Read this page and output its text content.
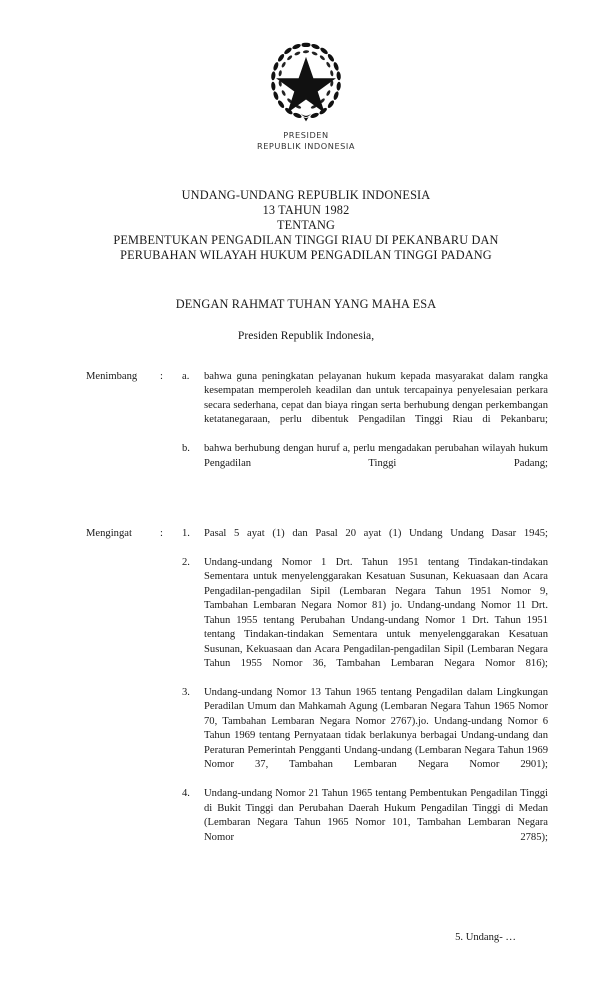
PRESIDEN
REPUBLIK INDONESIA
UNDANG-UNDANG REPUBLIK INDONESIA
13 TAHUN 1982
TENTANG
PEMBENTUKAN PENGADILAN TINGGI RIAU DI PEKANBARU DAN
PERUBAHAN WILAYAH HUKUM PENGADILAN TINGGI PADANG
DENGAN RAHMAT TUHAN YANG MAHA ESA
Presiden Republik Indonesia,
Menimbang	:	a.	bahwa guna peningkatan pelayanan hukum kepada masyarakat dalam rangka kesempatan memperoleh keadilan dan untuk tercapainya penyelesaian perkara secara sederhana, cepat dan biaya ringan serta berhubung dengan perkembangan ketatanegaraan, perlu dibentuk Pengadilan Tinggi Riau di Pekanbaru;
b.	bahwa berhubung dengan huruf a, perlu mengadakan perubahan wilayah hukum Pengadilan Tinggi Padang;
Mengingat	:	1.	Pasal 5 ayat (1) dan Pasal 20 ayat (1) Undang Undang Dasar 1945;
2.	Undang-undang Nomor 1 Drt. Tahun 1951 tentang Tindakan-tindakan Sementara untuk menyelenggarakan Kesatuan Susunan, Kekuasaan dan Acara Pengadilan-pengadilan Sipil (Lembaran Negara Tahun 1951 Nomor 9, Tambahan Lembaran Negara Nomor 81) jo. Undang-undang Nomor 11 Drt. Tahun 1955 tentang Perubahan Undang-undang Nomor 1 Drt. Tahun 1951 tentang Tindakan-tindakan Sementara untuk menyelenggarakan Kesatuan Susunan, Kekuasaan dan Acara Pengadilan-pengadilan Sipil (Lembaran Negara Tahun 1955 Nomor 36, Tambahan Lembaran Negara Nomor 816);
3.	Undang-undang Nomor 13 Tahun 1965 tentang Pengadilan dalam Lingkungan Peradilan Umum dan Mahkamah Agung (Lembaran Negara Tahun 1965 Nomor 70, Tambahan Lembaran Negara Nomor 2767).jo. Undang-undang Nomor 6 Tahun 1969 tentang Pernyataan tidak berlakunya berbagai Undang-undang dan Peraturan Pemerintah Pengganti Undang-undang (Lembaran Negara Tahun 1969 Nomor 37, Tambahan Lembaran Negara Nomor 2901);
4.	Undang-undang Nomor 21 Tahun 1965 tentang Pembentukan Pengadilan Tinggi di Bukit Tinggi dan Perubahan Daerah Hukum Pengadilan Tinggi di Medan (Lembaran Negara Tahun 1965 Nomor 101, Tambahan Lembaran Negara Nomor 2785);
5. Undang- …
